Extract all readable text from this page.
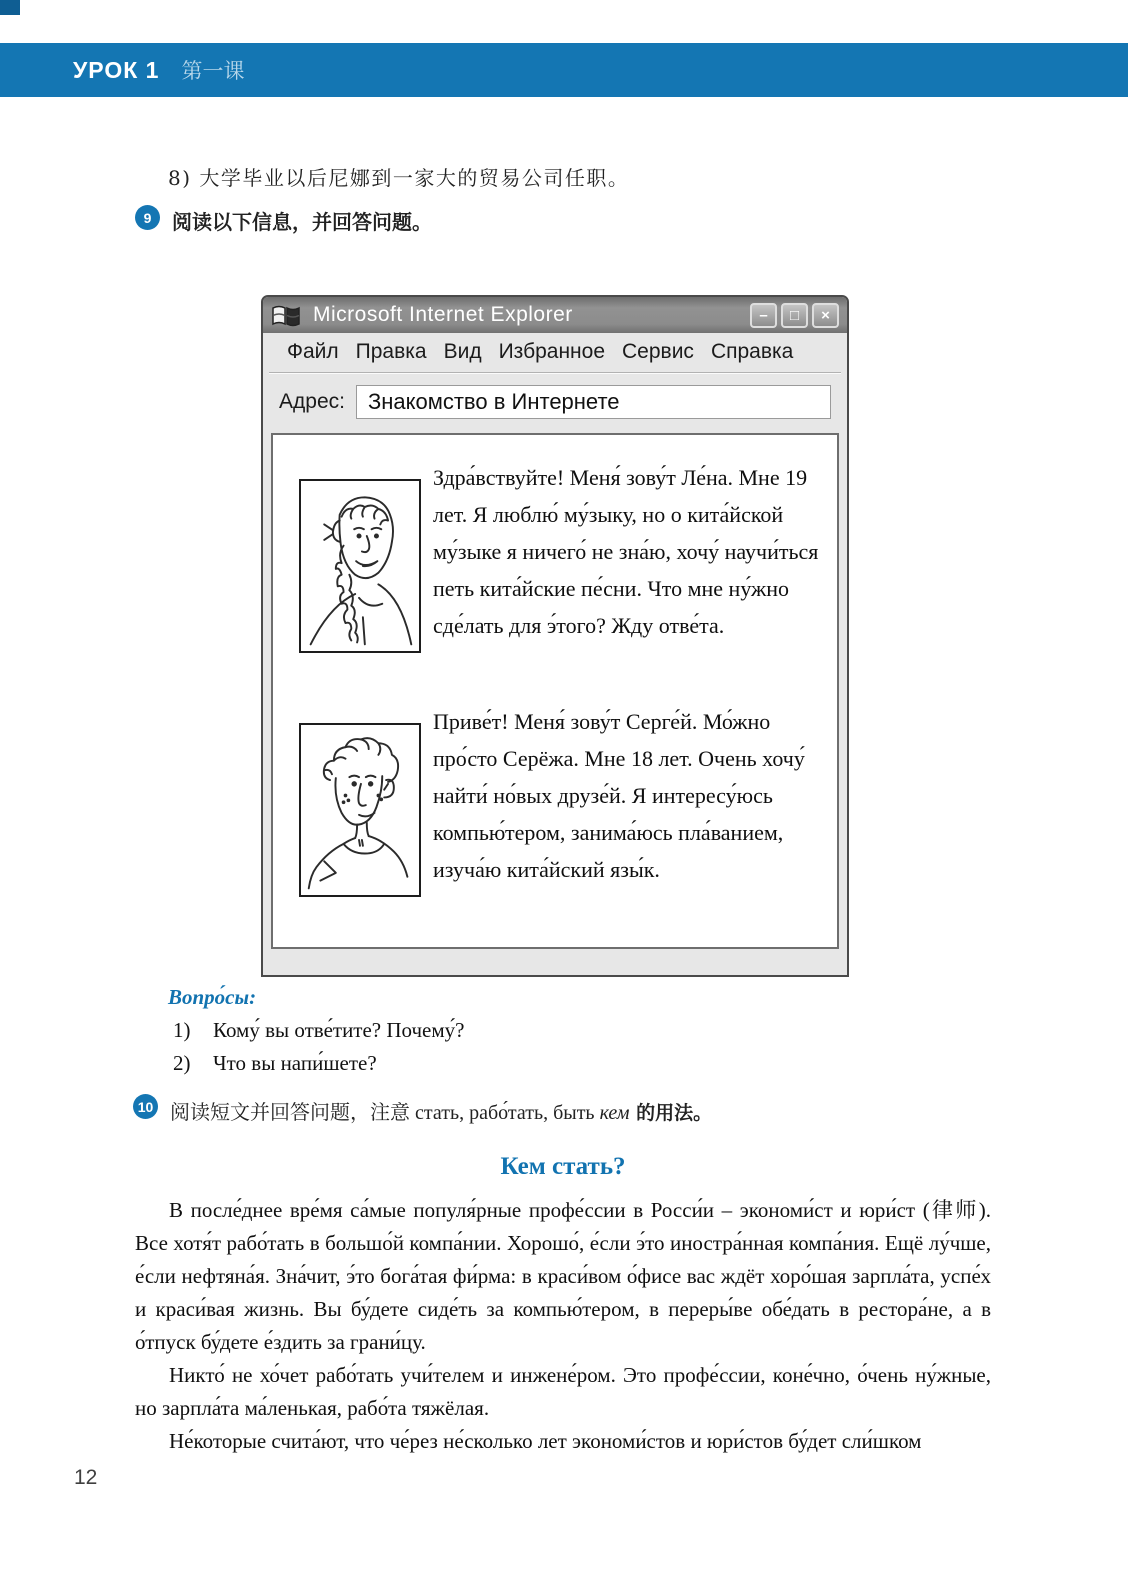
УРОК 1 第一课
8) 大学毕业以后尼娜到一家大的贸易公司任职。
9	阅读以下信息，并回答问题。
Microsoft Internet Explorer	–	□	×
Файл Правка Вид Избранное Сервис Справка
Адрес: Знакомство в Интернете
Здра́вствуйте! Меня́ зову́т Ле́на. Мне 19 лет. Я люблю́ му́зыку, но о кита́йской му́зыке я ничего́ не зна́ю, хочу́ научи́ться петь кита́йские пе́сни. Что мне ну́жно сде́лать для э́того? Жду отве́та.
Приве́т! Меня́ зову́т Серге́й. Мо́жно про́сто Серёжа. Мне 18 лет. Очень хочу́ найти́ но́вых друзе́й. Я интересу́юсь компью́тером, занима́юсь пла́ванием, изуча́ю кита́йский язы́к.
Вопро́сы:
1) Кому́ вы отве́тите? Почему́?
2) Что вы напи́шете?
10 阅读短文并回答问题，注意 стать, рабо́тать, быть кем 的用法。
Кем стать?

В после́днее вре́мя са́мые популя́рные профе́ссии в Росси́и – экономи́ст и юри́ст (律师). Все хотя́т рабо́тать в большо́й компа́нии. Хорошо́, е́сли э́то иностра́нная компа́ния. Ещё лу́чше, е́сли нефтяна́я. Зна́чит, э́то бога́тая фи́рма: в краси́вом о́фисе вас ждёт хоро́шая зарпла́та, успе́х и краси́вая жизнь. Вы бу́дете сиде́ть за компью́тером, в переры́ве обе́дать в рестора́не, а в о́тпуск бу́дете е́здить за грани́цу.

Никто́ не хо́чет рабо́тать учи́телем и инжене́ром. Это профе́ссии, коне́чно, о́чень ну́жные, но зарпла́та ма́ленькая, рабо́та тяжёлая.

Не́которые счита́ют, что че́рез не́сколько лет экономи́стов и юри́стов бу́дет сли́шком

12
